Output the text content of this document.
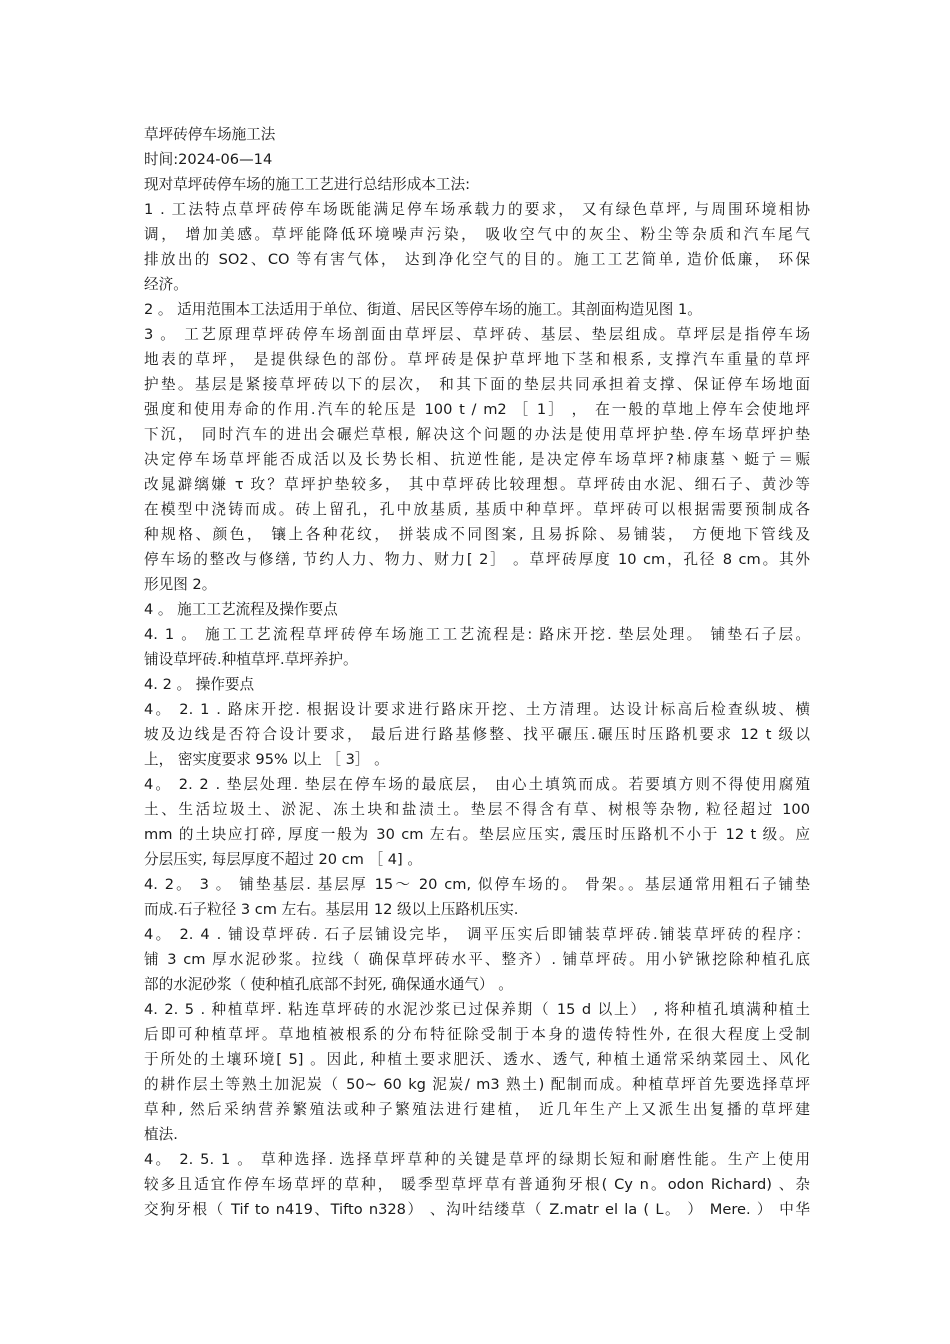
草坪砖停车场施工法
时间:2024-06—14
现对草坪砖停车场的施工工艺进行总结形成本工法:
1 . 工法特点草坪砖停车场既能满足停车场承载力的要求， 又有绿色草坪, 与周围环境相协
调， 增加美感。草坪能降低环境噪声污染， 吸收空气中的灰尘、粉尘等杂质和汽车尾气
排放出的 SO2、CO 等有害气体， 达到净化空气的目的。施工工艺简单, 造价低廉， 环保
经济。
2 。 适用范围本工法适用于单位、街道、居民区等停车场的施工。其剖面构造见图 1。
3 。 工艺原理草坪砖停车场剖面由草坪层、草坪砖、基层、垫层组成。草坪层是指停车场
地表的草坪， 是提供绿色的部份。草坪砖是保护草坪地下茎和根系, 支撑汽车重量的草坪
护垫。基层是紧接草坪砖以下的层次， 和其下面的垫层共同承担着支撑、保证停车场地面
强度和使用寿命的作用.汽车的轮压是 100 t / m2 ［ 1］ ， 在一般的草地上停车会使地坪
下沉， 同时汽车的进出会碾烂草根, 解决这个问题的办法是使用草坪护垫.停车场草坪护垫
决定停车场草坪能否成活以及长势长相、抗逆性能, 是决定停车场草坪?柿康墓丶蜓亍＝赈
改晁澼缡嫌 τ 玫？草坪护垫较多， 其中草坪砖比较理想。草坪砖由水泥、细石子、黄沙等
在模型中浇铸而成。砖上留孔，孔中放基质, 基质中种草坪。草坪砖可以根据需要预制成各
种规格、颜色， 镶上各种花纹， 拼装成不同图案, 且易拆除、易铺装， 方便地下管线及
停车场的整改与修缮, 节约人力、物力、财力[ 2］ 。草坪砖厚度 10 cm，孔径 8 cm。其外
形见图 2。
4 。 施工工艺流程及操作要点
4. 1 。 施工工艺流程草坪砖停车场施工工艺流程是: 路床开挖. 垫层处理。 铺垫石子层。
铺设草坪砖.种植草坪.草坪养护。
4. 2 。 操作要点
4。 2. 1 . 路床开挖. 根据设计要求进行路床开挖、土方清理。达设计标高后检查纵坡、横
坡及边线是否符合设计要求， 最后进行路基修整、找平碾压.碾压时压路机要求 12 t 级以
上， 密实度要求 95% 以上 ［ 3］ 。
4。 2. 2 . 垫层处理. 垫层在停车场的最底层， 由心土填筑而成。若要填方则不得使用腐殖
土、生活垃圾土、淤泥、冻土块和盐渍土。垫层不得含有草、树根等杂物, 粒径超过 100
mm 的土块应打碎, 厚度一般为 30 cm 左右。垫层应压实, 震压时压路机不小于 12 t 级。应
分层压实, 每层厚度不超过 20 cm ［ 4] 。
4. 2。 3 。 铺垫基层. 基层厚 15～ 20 cm, 似停车场的。 骨架。。基层通常用粗石子铺垫
而成.石子粒径 3 cm 左右。基层用 12 级以上压路机压实.
4。 2. 4 . 铺设草坪砖. 石子层铺设完毕， 调平压实后即铺装草坪砖.铺装草坪砖的程序：
铺 3 cm 厚水泥砂浆。拉线（ 确保草坪砖水平、整齐）. 铺草坪砖。用小铲锹挖除种植孔底
部的水泥砂浆（ 使种植孔底部不封死, 确保通水通气） 。
4. 2. 5 . 种植草坪. 粘连草坪砖的水泥沙浆已过保养期（ 15 d 以上） , 将种植孔填满种植土
后即可种植草坪。草地植被根系的分布特征除受制于本身的遗传特性外, 在很大程度上受制
于所处的土壤环境[ 5] 。因此, 种植土要求肥沃、透水、透气, 种植土通常采纳菜园土、风化
的耕作层土等熟土加泥炭（ 50~ 60 kg 泥炭/ m3 熟土) 配制而成。种植草坪首先要选择草坪
草种, 然后采纳营养繁殖法或种子繁殖法进行建植， 近几年生产上又派生出复播的草坪建
植法.
4。 2. 5. 1 。 草种选择. 选择草坪草种的关键是草坪的绿期长短和耐磨性能。生产上使用
较多且适宜作停车场草坪的草种， 暖季型草坪草有普通狗牙根( Cy n。odon Richard) 、杂
交狗牙根（ Tif to n419、Tifto n328） 、沟叶结缕草（ Z.matr el la ( L。 ） Mere. ） 中华
